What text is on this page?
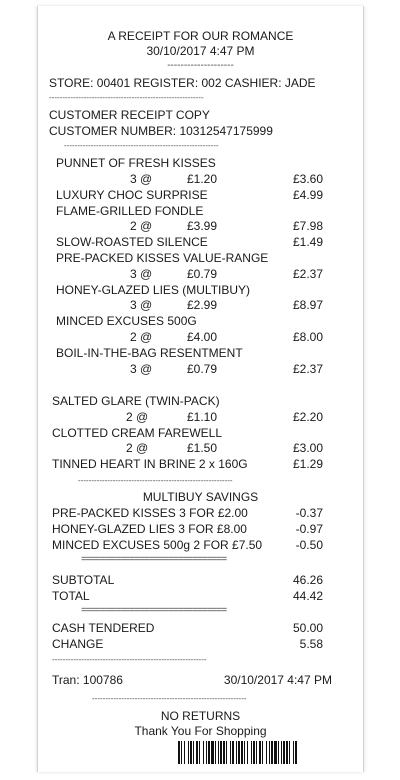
A RECEIPT FOR OUR ROMANCE
30/10/2017 4:47 PM
--------------------
STORE: 00401 REGISTER: 002 CASHIER: JADE
----------------------------------------------------------
CUSTOMER RECEIPT COPY
CUSTOMER NUMBER: 10312547175999
----------------------------------------------------------
PUNNET OF FRESH KISSES
3 @	£1.20	£3.60
LUXURY CHOC SURPRISE	£4.99
FLAME-GRILLED FONDLE
2 @	£3.99	£7.98
SLOW-ROASTED SILENCE	£1.49
PRE-PACKED KISSES VALUE-RANGE
3 @	£0.79	£2.37
HONEY-GLAZED LIES (MULTIBUY)
3 @	£2.99	£8.97
MINCED EXCUSES 500G
2 @	£4.00	£8.00
BOIL-IN-THE-BAG RESENTMENT
3 @	£0.79	£2.37
SALTED GLARE (TWIN-PACK)
2 @	£1.10	£2.20
CLOTTED CREAM FAREWELL
2 @	£1.50	£3.00
TINNED HEART IN BRINE 2 x 160G	£1.29
----------------------------------------------------------
MULTIBUY SAVINGS
PRE-PACKED KISSES 3 FOR £2.00	-0.37
HONEY-GLAZED LIES 3 FOR £8.00	-0.97
MINCED EXCUSES 500g 2 FOR £7.50	-0.50
==============================
SUBTOTAL	46.26
TOTAL	44.42
==============================
CASH TENDERED	50.00
CHANGE	5.58
----------------------------------------------------------
Tran: 100786	30/10/2017 4:47 PM
----------------------------------------------------------
NO RETURNS
Thank You For Shopping
